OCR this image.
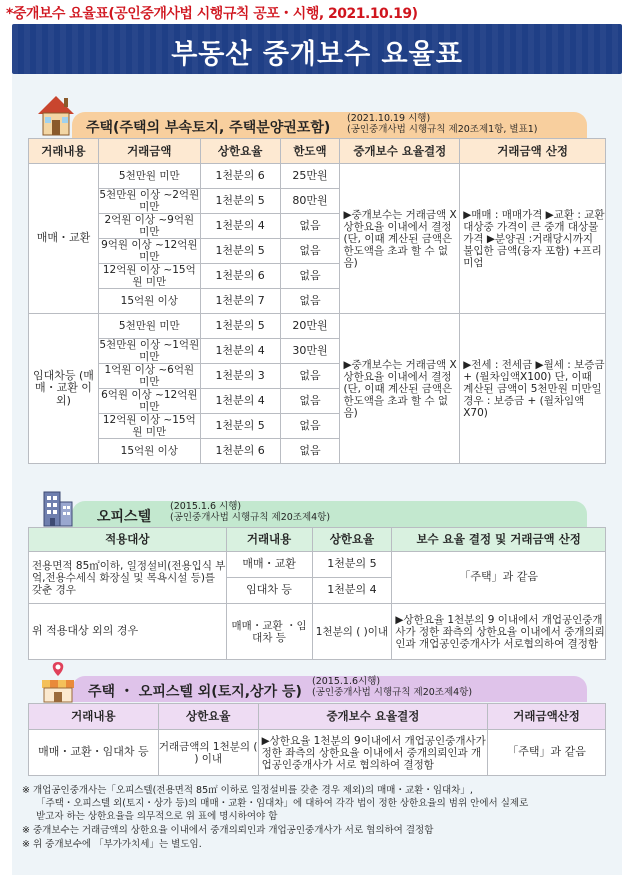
*중개보수 요율표(공인중개사법 시행규칙 공포・시행, 2021.10.19)
부동산 중개보수 요율표
주택(주택의 부속토지, 주택분양권포함)
(2021.10.19 시행)
(공인중개사법 시행규칙 제20조제1항, 별표1)
거래내용	거래금액	상한요율	한도액	중개보수 요율결정	거래금액 산정
매매・교환	5천만원 미만	1천분의 6	25만원	▶중개보수는 거래금액 X 상한요율 이내에서 결정 (단, 이때 계산된 금액은 한도액을 초과 할 수 없음)	▶매매 : 매매가격 ▶교환 : 교환대상중 가격이 큰 중개 대상물 가격 ▶분양권 :거래당시까지 불입한 금액(융자 포함) +프리미엄
	5천만원 이상 ~2억원 미만	1천분의 5	80만원		
	2억원 이상 ~9억원 미만	1천분의 4	없음		
	9억원 이상 ~12억원 미만	1천분의 5	없음		
	12억원 이상 ~15억원 미만	1천분의 6	없음		
	15억원 이상	1천분의 7	없음		
임대차등 (매매・교환 이외)	5천만원 미만	1천분의 5	20만원	▶중개보수는 거래금액 X 상한요율 이내에서 결정 (단, 이때 계산된 금액은 한도액을 초과 할 수 없음)	▶전세 : 전세금 ▶월세 : 보증금 + (월차임액X100) 단, 이때 계산된 금액이 5천만원 미만일 경우 : 보증금 + (월차임액X70)
	5천만원 이상 ~1억원 미만	1천분의 4	30만원		
	1억원 이상 ~6억원 미만	1천분의 3	없음		
	6억원 이상 ~12억원 미만	1천분의 4	없음		
	12억원 이상 ~15억원 미만	1천분의 5	없음		
	15억원 이상	1천분의 6	없음		
오피스텔
(2015.1.6 시행)
(공인중개사법 시행규칙 제20조제4항)
적용대상	거래내용	상한요율	보수 요율 결정 및 거래금액 산정
전용면적 85㎡이하, 일정설비(전용입식 부엌,전용수세식 화장실 및 목욕시설 등)를 갖춘 경우	매매・교환	1천분의 5	「주택」과 같음
	임대차 등	1천분의 4	
위 적용대상 외의 경우	매매・교환 ・임대차 등	1천분의 ( )이내	▶상한요율 1천분의 9 이내에서 개업공인중개사가 정한 좌측의 상한요율 이내에서 중개의뢰인과 개업공인중개사가 서로협의하여 결정함
주택 ・ 오피스텔 외(토지,상가 등)
(2015.1.6시행)
(공인중개사법 시행규칙 제20조제4항)
거래내용	상한요율	중개보수 요율결정	거래금액산정
매매・교환・임대차 등	거래금액의 1천분의 ( ) 이내	▶상한요율 1천분의 9이내에서 개업공인중개사가 정한 좌측의 상한요율 이내에서 중개의뢰인과 개업공인중개사가 서로 협의하여 결정함	「주택」과 같음
※ 개업공인중개사는「오피스텔(전용면적 85㎡ 이하로 일정설비를 갖춘 경우 제외)의 매매・교환・임대차」,
「주택・오피스텔 외(토지・상가 등)의 매매・교환・임대차」에 대하여 각각 법이 정한 상한요율의 범위 안에서 실제로
받고자 하는 상한요율을 의무적으로 위 표에 명시하여야 함
※ 중개보수는 거래금액의 상한요율 이내에서 중개의뢰인과 개업공인중개사가 서로 협의하여 결정함
※ 위 중개보수에 「부가가치세」는 별도임.
